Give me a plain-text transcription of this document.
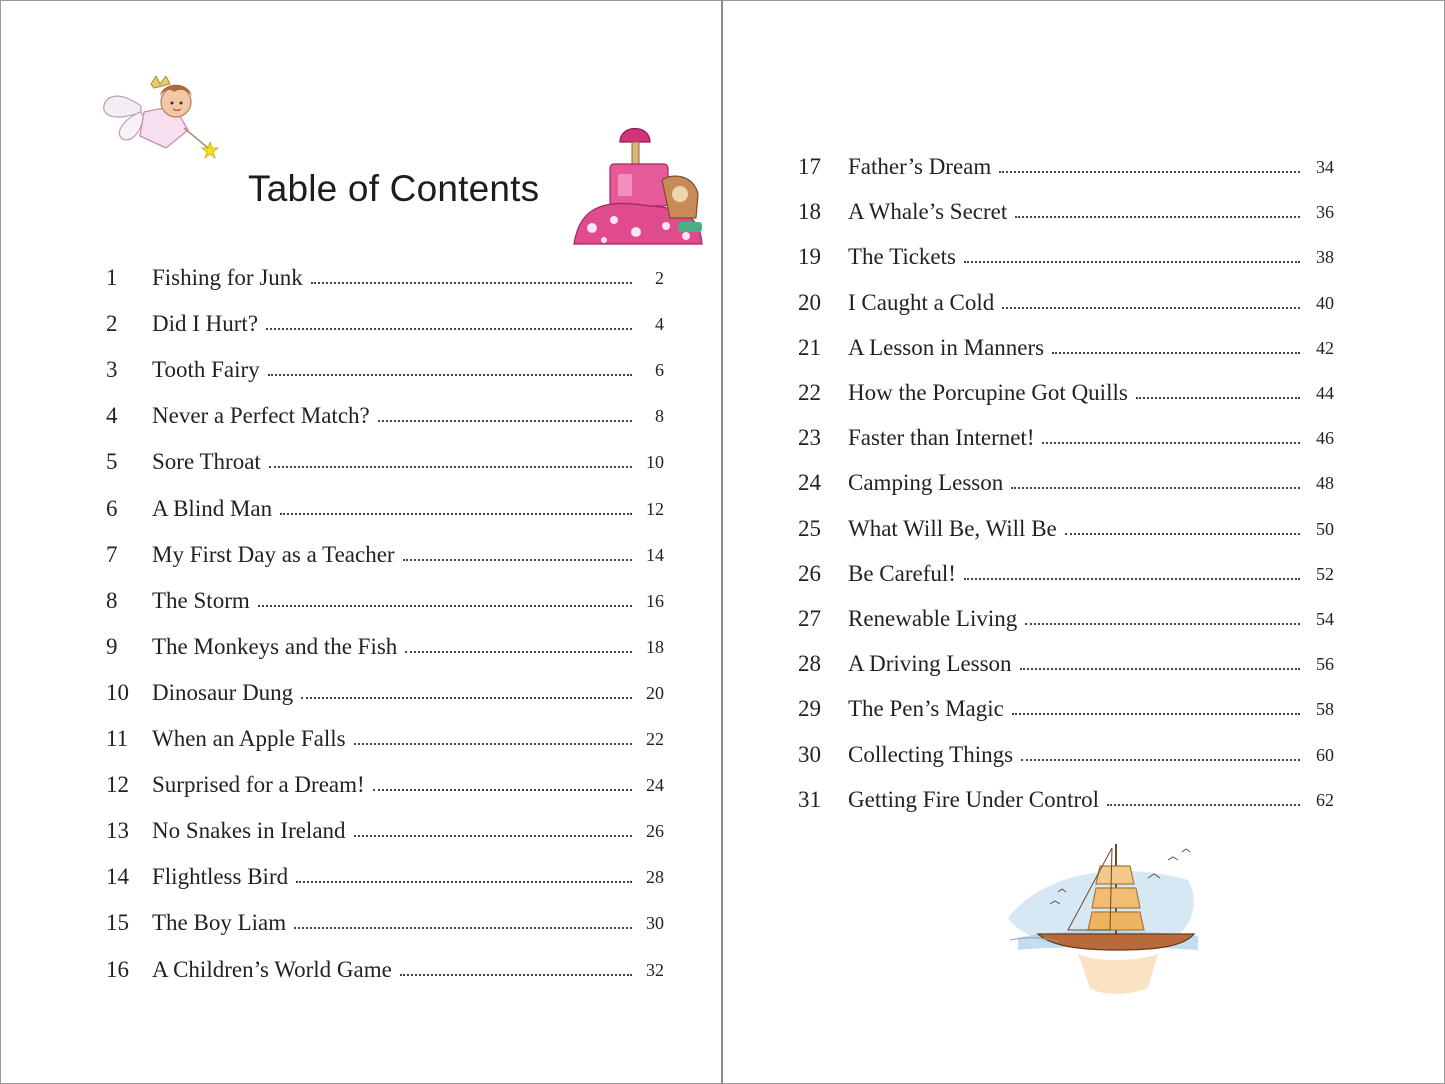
Table of Contents
1	Fishing for Junk	2
2	Did I Hurt?	4
3	Tooth Fairy	6
4	Never a Perfect Match?	8
5	Sore Throat	10
6	A Blind Man	12
7	My First Day as a Teacher	14
8	The Storm	16
9	The Monkeys and the Fish	18
10	Dinosaur Dung	20
11	When an Apple Falls	22
12	Surprised for a Dream!	24
13	No Snakes in Ireland	26
14	Flightless Bird	28
15	The Boy Liam	30
16	A Children’s World Game	32
17	Father’s Dream	34
18	A Whale’s Secret	36
19	The Tickets	38
20	I Caught a Cold	40
21	A Lesson in Manners	42
22	How the Porcupine Got Quills	44
23	Faster than Internet!	46
24	Camping Lesson	48
25	What Will Be, Will Be	50
26	Be Careful!	52
27	Renewable Living	54
28	A Driving Lesson	56
29	The Pen’s Magic	58
30	Collecting Things	60
31	Getting Fire Under Control	62
